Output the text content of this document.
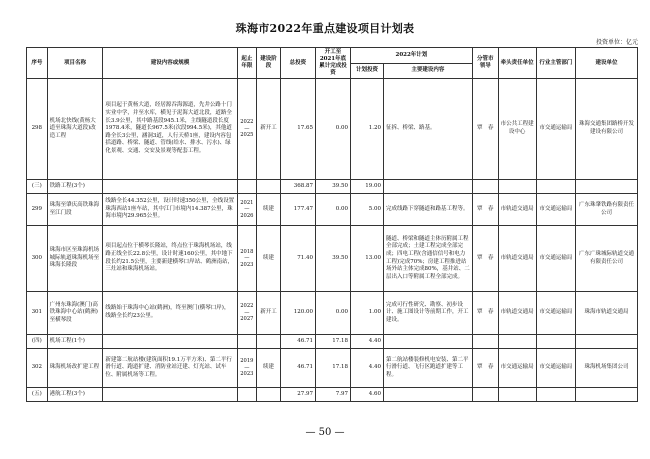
珠海市2022年重点建设项目计划表
投资单位：亿元
序号	项目名称	建设内容或规模	起止年限	建设阶段	总投资	开工至2021年底累计完成投资	2022年计划		分管市领导	牵头责任单位	行业主管部门	建设单位
							计划投资	主要建设内容				
298	机场北快线(黄杨大道至珠海大道段)改造工程	项目起于黄杨大道，经居源吞海源道，先井公路十门实业中学，并至水库，横见于泥海大道北段，道路全长3.9公里，其中路基段945.1米，主线隧道段长度1978.4米，隧道长967.5米(次段994.5米)，其他道路全长3公里，涵洞3道，人行天桥1座，建设内容包括道路、桥梁、隧道、管线(给水、排水、污水)、绿化景观、交通、交安及景观等配套工程。	2022—2025	新开工	17.65	0.00	1.20	征拆、桥梁、路基。	覃　春	市公共工程建设中心	市交通运输局	珠海交通集团路桥开发建设有限公司
(三)	铁路工程(3个)				368.87	39.50	19.00					
299	珠海至肇庆高铁珠海至江门段	线路全长44.352公里，设计时速350公里，全线设置珠海西站1座车站，其中江门市境内14.387公里，珠海市境内29.965公里。	2021—2026	续建	177.47	0.00	5.00	完成线路下穿隧道和路基工程等。	覃　春	市轨道交通局	市交通运输局	广东珠肇铁路有限责任公司
300	珠海市区至珠海机场城际轨道珠海机场至珠海长隆段	项目起点位于横琴长隆站，终点位于珠海机场站，线路正线全长22.8公里，设计时速160公里，其中地下段长约21.5公里，主要新建横琴口岸站、鹤洲南站，三灶站和珠海机场站。	2018—2023	续建	71.40	39.50	13.00	隧道、桥梁和隧道主体历附属工程全部完成；土建工程完成全部完成；四电工程(含通信信号和电力工程)完成70%；房建工程推进站场外站主体完成80%，基井站、二层出入口等附属工程全部完成。	覃　春	市轨道交通局	市交通运输局	广东广珠城际轨道交通有限责任公司
301	广州东珠海(澳门)高铁珠海中心站(鹤洲)至横琴段	线路始于珠海中心站(鹤洲)，终至澳门(横琴口岸)，线路全长约23公里。	2022—2027	新开工	120.00	0.00	1.00	完成可行性研究、勘察、初步设计、施工图设计等前期工作，开工建设。	覃　春	市轨道交通局	市交通运输局	珠海市轨道交通局
(四)	机场工程(1个)				46.71	17.18	4.40					
302	珠海机场改扩建工程	新建第二航站楼(建筑面积19.1万平方米)、第二平行滑行道、跑道扩建、消防业站迁建、灯光站、试车位、附属机场等工程。	2019—2023	续建	46.71	17.18	4.40	第二航站楼装修机电安装、第二平行滑行道、飞行区跑道扩建等工程。	覃　春	市交通运输局	市交通运输局	珠海机场集团公司
(五)	港航工程(3个)				27.97	7.97	4.60					
— 50 —
